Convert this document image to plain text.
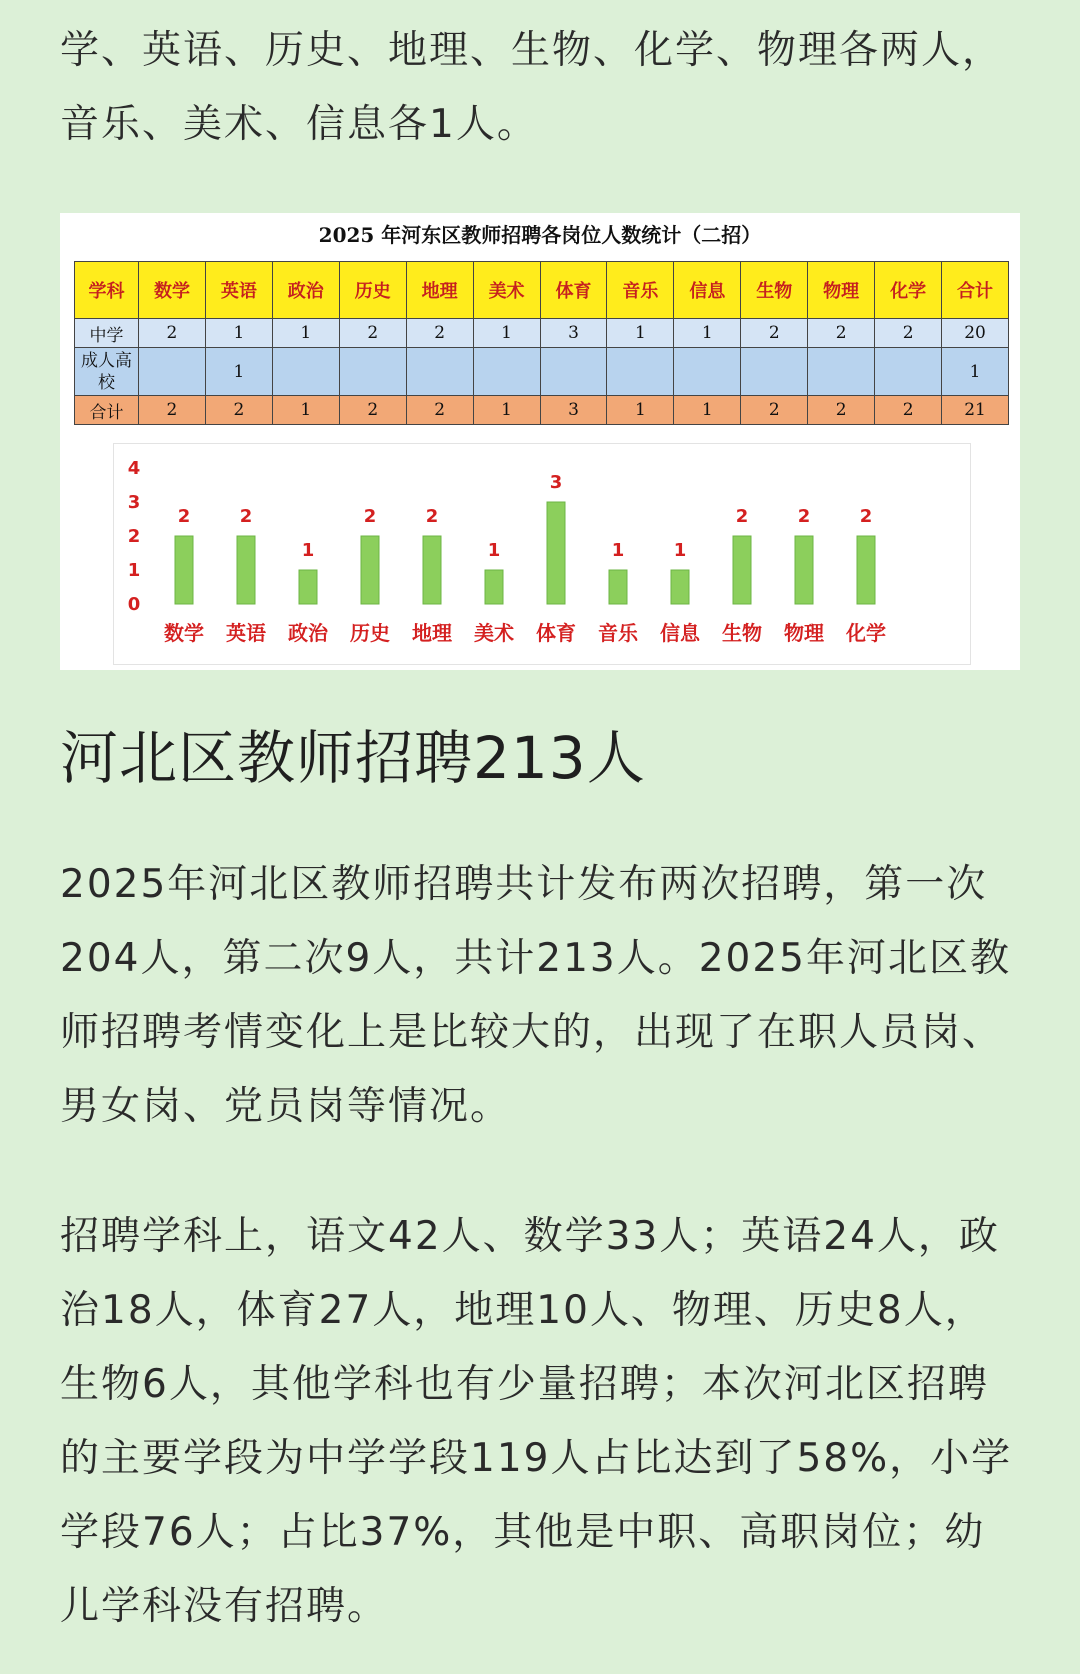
学、英语、历史、地理、生物、化学、物理各两人，音乐、美术、信息各1人。

2025 年河东区教师招聘各岗位人数统计（二招）
学科	数学	英语	政治	历史	地理	美术	体育	音乐	信息	生物	物理	化学	合计
中学	2	1	1	2	2	1	3	1	1	2	2	2	20
成人高校		1											1
合计	2	2	1	2	2	1	3	1	1	2	2	2	21
0
1
2
3
4
2
数学
2
英语
1
政治
2
历史
2
地理
1
美术
3
体育
1
音乐
1
信息
2
生物
2
物理
2
化学
河北区教师招聘213人

2025年河北区教师招聘共计发布两次招聘，第一次204人，第二次9人，共计213人。2025年河北区教师招聘考情变化上是比较大的，出现了在职人员岗、男女岗、党员岗等情况。

招聘学科上，语文42人、数学33人；英语24人，政治18人，体育27人，地理10人、物理、历史8人，生物6人，其他学科也有少量招聘；本次河北区招聘的主要学段为中学学段119人占比达到了58%，小学学段76人；占比37%，其他是中职、高职岗位；幼儿学科没有招聘。
